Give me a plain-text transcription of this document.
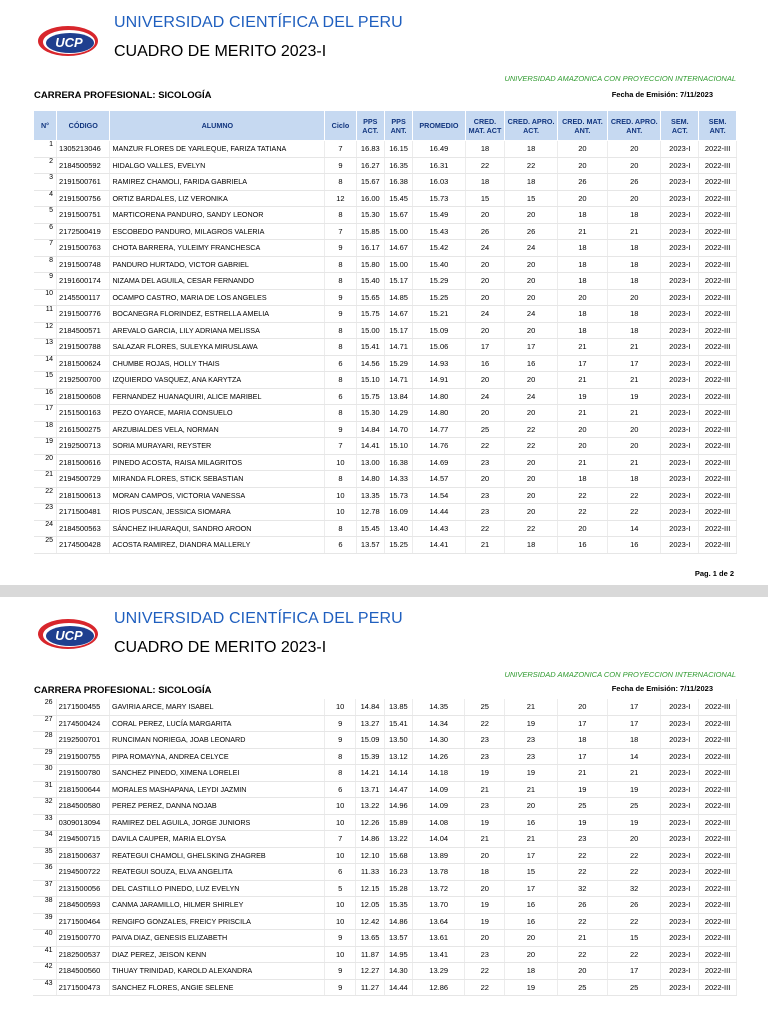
UCP
UNIVERSIDAD CIENTÍFICA DEL PERU
CUADRO DE MERITO 2023-I
UNIVERSIDAD AMAZONICA CON PROYECCION INTERNACIONAL
CARRERA PROFESIONAL: SICOLOGÍA	Fecha de Emisión: 7/11/2023
N°	CÓDIGO	ALUMNO	Ciclo	PPS ACT.	PPS ANT.	PROMEDIO	CRED. MAT. ACT	CRED. APRO. ACT.	CRED. MAT. ANT.	CRED. APRO. ANT.	SEM. ACT.	SEM. ANT.
1	1305213046	MANZUR FLORES DE YARLEQUE, FARIZA TATIANA	7	16.83	16.15	16.49	18	18	20	20	2023-I	2022-III
2	2184500592	HIDALGO VALLES, EVELYN	9	16.27	16.35	16.31	22	22	20	20	2023-I	2022-III
3	2191500761	RAMIREZ CHAMOLI, FARIDA GABRIELA	8	15.67	16.38	16.03	18	18	26	26	2023-I	2022-III
4	2191500756	ORTIZ BARDALES, LIZ VERONIKA	12	16.00	15.45	15.73	15	15	20	20	2023-I	2022-III
5	2191500751	MARTICORENA PANDURO, SANDY LEONOR	8	15.30	15.67	15.49	20	20	18	18	2023-I	2022-III
6	2172500419	ESCOBEDO PANDURO, MILAGROS VALERIA	7	15.85	15.00	15.43	26	26	21	21	2023-I	2022-III
7	2191500763	CHOTA BARRERA, YULEIMY FRANCHESCA	9	16.17	14.67	15.42	24	24	18	18	2023-I	2022-III
8	2191500748	PANDURO HURTADO, VICTOR GABRIEL	8	15.80	15.00	15.40	20	20	18	18	2023-I	2022-III
9	2191600174	NIZAMA DEL AGUILA, CESAR FERNANDO	8	15.40	15.17	15.29	20	20	18	18	2023-I	2022-III
10	2145500117	OCAMPO CASTRO, MARIA DE LOS ANGELES	9	15.65	14.85	15.25	20	20	20	20	2023-I	2022-III
11	2191500776	BOCANEGRA FLORINDEZ, ESTRELLA AMELIA	9	15.75	14.67	15.21	24	24	18	18	2023-I	2022-III
12	2184500571	AREVALO GARCIA, LILY ADRIANA MELISSA	8	15.00	15.17	15.09	20	20	18	18	2023-I	2022-III
13	2191500788	SALAZAR FLORES, SULEYKA MIRUSLAWA	8	15.41	14.71	15.06	17	17	21	21	2023-I	2022-III
14	2181500624	CHUMBE ROJAS, HOLLY THAIS	6	14.56	15.29	14.93	16	16	17	17	2023-I	2022-III
15	2192500700	IZQUIERDO VASQUEZ, ANA KARYTZA	8	15.10	14.71	14.91	20	20	21	21	2023-I	2022-III
16	2181500608	FERNANDEZ HUANAQUIRI, ALICE MARIBEL	6	15.75	13.84	14.80	24	24	19	19	2023-I	2022-III
17	2151500163	PEZO OYARCE, MARIA CONSUELO	8	15.30	14.29	14.80	20	20	21	21	2023-I	2022-III
18	2161500275	ARZUBIALDES VELA, NORMAN	9	14.84	14.70	14.77	25	22	20	20	2023-I	2022-III
19	2192500713	SORIA MURAYARI, REYSTER	7	14.41	15.10	14.76	22	22	20	20	2023-I	2022-III
20	2181500616	PINEDO ACOSTA, RAISA MILAGRITOS	10	13.00	16.38	14.69	23	20	21	21	2023-I	2022-III
21	2194500729	MIRANDA FLORES, STICK SEBASTIAN	8	14.80	14.33	14.57	20	20	18	18	2023-I	2022-III
22	2181500613	MORAN CAMPOS, VICTORIA VANESSA	10	13.35	15.73	14.54	23	20	22	22	2023-I	2022-III
23	2171500481	RIOS PUSCAN, JESSICA SIOMARA	10	12.78	16.09	14.44	23	20	22	22	2023-I	2022-III
24	2184500563	SÁNCHEZ IHUARAQUI, SANDRO AROON	8	15.45	13.40	14.43	22	22	20	14	2023-I	2022-III
25	2174500428	ACOSTA RAMIREZ, DIANDRA MALLERLY	6	13.57	15.25	14.41	21	18	16	16	2023-I	2022-III
Pag. 1 de 2
UCP
UNIVERSIDAD CIENTÍFICA DEL PERU
CUADRO DE MERITO 2023-I
UNIVERSIDAD AMAZONICA CON PROYECCION INTERNACIONAL
CARRERA PROFESIONAL: SICOLOGÍA	Fecha de Emisión: 7/11/2023
26	2171500455	GAVIRIA ARCE, MARY ISABEL	10	14.84	13.85	14.35	25	21	20	17	2023-I	2022-III
27	2174500424	CORAL PEREZ, LUCÍA MARGARITA	9	13.27	15.41	14.34	22	19	17	17	2023-I	2022-III
28	2192500701	RUNCIMAN NORIEGA, JOAB LEONARD	9	15.09	13.50	14.30	23	23	18	18	2023-I	2022-III
29	2191500755	PIPA ROMAYNA, ANDREA CELYCE	8	15.39	13.12	14.26	23	23	17	14	2023-I	2022-III
30	2191500780	SANCHEZ PINEDO, XIMENA LORELEI	8	14.21	14.14	14.18	19	19	21	21	2023-I	2022-III
31	2181500644	MORALES MASHAPANA, LEYDI JAZMIN	6	13.71	14.47	14.09	21	21	19	19	2023-I	2022-III
32	2184500580	PEREZ PEREZ, DANNA NOJAB	10	13.22	14.96	14.09	23	20	25	25	2023-I	2022-III
33	0309013094	RAMIREZ DEL AGUILA, JORGE JUNIORS	10	12.26	15.89	14.08	19	16	19	19	2023-I	2022-III
34	2194500715	DAVILA CAUPER, MARIA ELOYSA	7	14.86	13.22	14.04	21	21	23	20	2023-I	2022-III
35	2181500637	REATEGUI CHAMOLI, GHELSKING ZHAGREB	10	12.10	15.68	13.89	20	17	22	22	2023-I	2022-III
36	2194500722	REATEGUI SOUZA, ELVA ANGELITA	6	11.33	16.23	13.78	18	15	22	22	2023-I	2022-III
37	2131500056	DEL CASTILLO PINEDO, LUZ EVELYN	5	12.15	15.28	13.72	20	17	32	32	2023-I	2022-III
38	2184500593	CANMA JARAMILLO, HILMER SHIRLEY	10	12.05	15.35	13.70	19	16	26	26	2023-I	2022-III
39	2171500464	RENGIFO GONZALES, FREICY PRISCILA	10	12.42	14.86	13.64	19	16	22	22	2023-I	2022-III
40	2191500770	PAIVA DIAZ, GENESIS ELIZABETH	9	13.65	13.57	13.61	20	20	21	15	2023-I	2022-III
41	2182500537	DIAZ PEREZ, JEISON KENN	10	11.87	14.95	13.41	23	20	22	22	2023-I	2022-III
42	2184500560	TIHUAY TRINIDAD, KAROLD ALEXANDRA	9	12.27	14.30	13.29	22	18	20	17	2023-I	2022-III
43	2171500473	SANCHEZ FLORES, ANGIE SELENE	9	11.27	14.44	12.86	22	19	25	25	2023-I	2022-III
